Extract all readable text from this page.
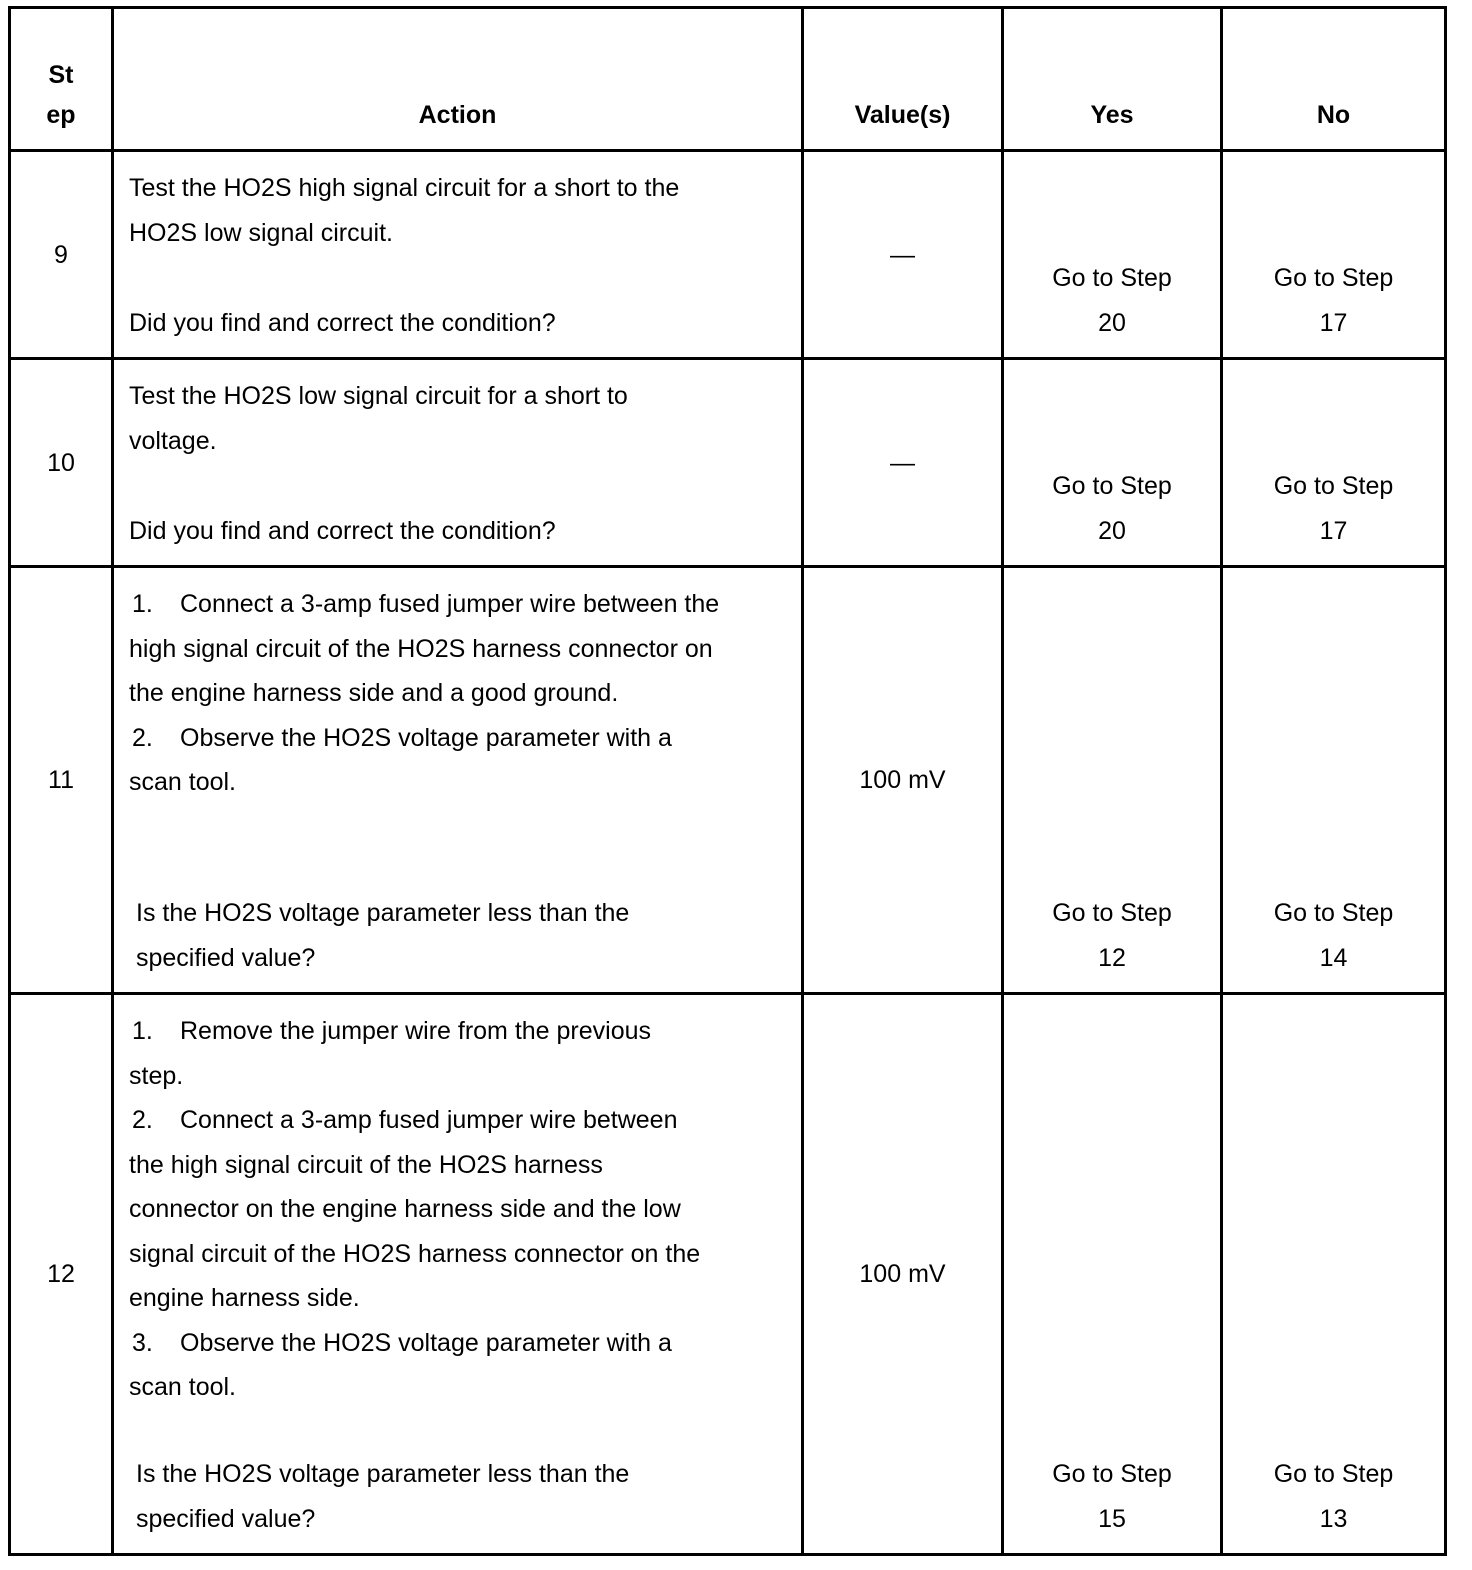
St ep	Action	Value(s)	Yes	No

9	Test the HO2S high signal circuit for a short to the HO2S low signal circuit.
Did you find and correct the condition?	—	Go to Step 20	Go to Step 17

10	Test the HO2S low signal circuit for a short to voltage.
Did you find and correct the condition?	—	Go to Step 20	Go to Step 17

11	1. Connect a 3-amp fused jumper wire between the high signal circuit of the HO2S harness connector on the engine harness side and a good ground.
2. Observe the HO2S voltage parameter with a scan tool.
Is the HO2S voltage parameter less than the specified value?	100 mV	Go to Step 12	Go to Step 14

12	1. Remove the jumper wire from the previous step.
2. Connect a 3-amp fused jumper wire between the high signal circuit of the HO2S harness connector on the engine harness side and the low signal circuit of the HO2S harness connector on the engine harness side.
3. Observe the HO2S voltage parameter with a scan tool.
Is the HO2S voltage parameter less than the specified value?	100 mV	Go to Step 15	Go to Step 13
